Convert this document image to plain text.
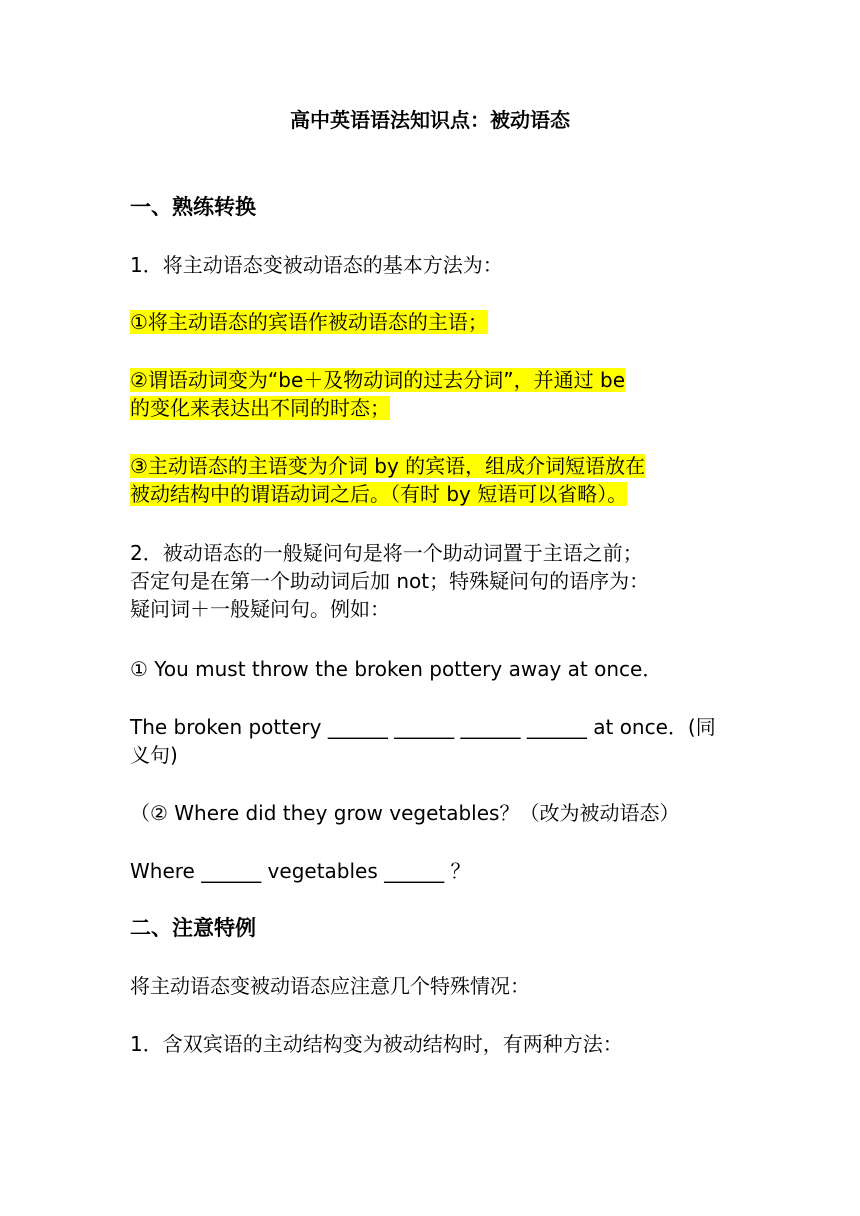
高中英语语法知识点：被动语态
一、熟练转换
1．将主动语态变被动语态的基本方法为：
①将主动语态的宾语作被动语态的主语；
②谓语动词变为“be＋及物动词的过去分词”，并通过 be
的变化来表达出不同的时态；
③主动语态的主语变为介词 by 的宾语，组成介词短语放在
被动结构中的谓语动词之后。（有时 by 短语可以省略）。
2．被动语态的一般疑问句是将一个助动词置于主语之前；
否定句是在第一个助动词后加 not；特殊疑问句的语序为：
疑问词＋一般疑问句。例如：
① You must throw the broken pottery away at once．
The broken pottery ______ ______ ______ ______ at once．(同
义句)
（② Where did they grow vegetables？（改为被动语态）
Where ______ vegetables ______ ？
二、注意特例
将主动语态变被动语态应注意几个特殊情况：
1．含双宾语的主动结构变为被动结构时，有两种方法：
